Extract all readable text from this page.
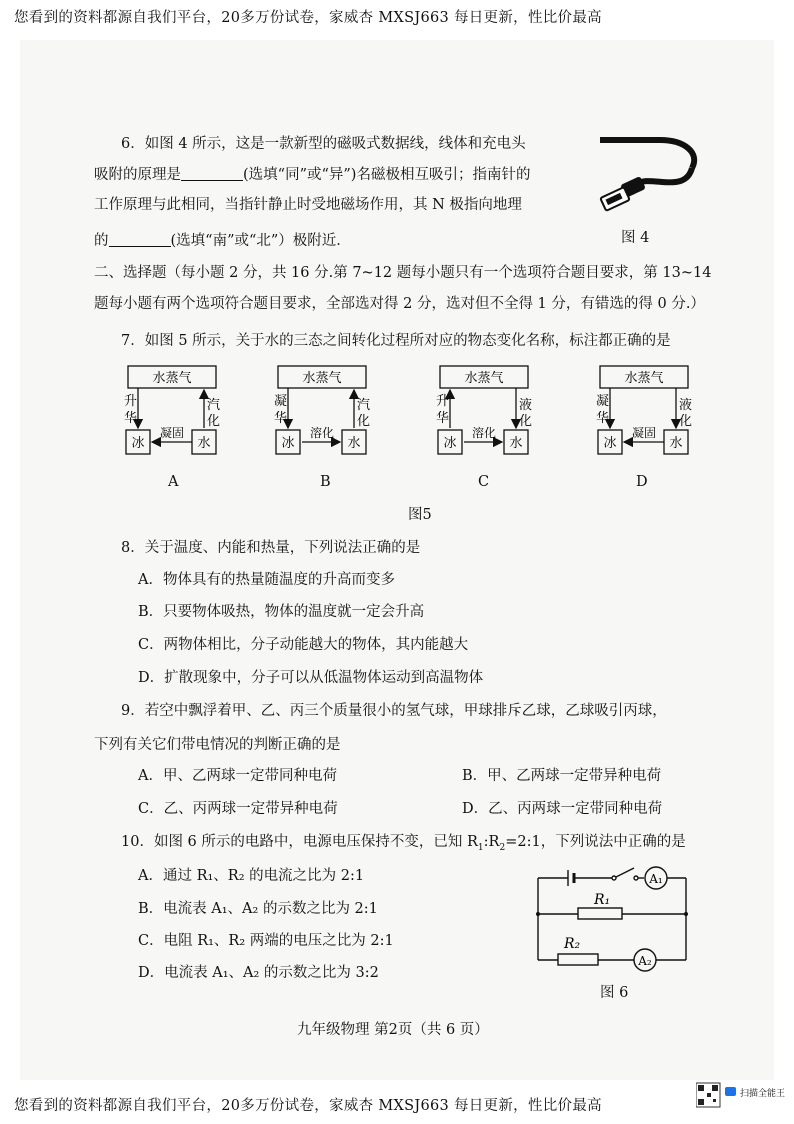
您看到的资料都源自我们平台，20多万份试卷，家威杏 MXSJ663 每日更新，性比价最高
6．如图 4 所示，这是一款新型的磁吸式数据线，线体和充电头
吸附的原理是	(选填“同”或“异”)名磁极相互吸引；指南针的
工作原理与此相同，当指针静止时受地磁场作用，其 N 极指向地理
的	(选填“南”或“北”）极附近．	图 4
二、选择题（每小题 2 分，共 16 分.第 7~12 题每小题只有一个选项符合题目要求，第 13~14
题每小题有两个选项符合题目要求，全部选对得 2 分，选对但不全得 1 分，有错选的得 0 分.）
7．如图 5 所示，关于水的三态之间转化过程所对应的物态变化名称，标注都正确的是
水蒸气
冰	水
升
华
汽
化
凝固
A
水蒸气
冰	水
凝
华
汽
化
溶化
B
水蒸气
冰	水
升
华
液
化
溶化
C
水蒸气
冰	水
凝
华
液
化
凝固
D
图5
8．关于温度、内能和热量，下列说法正确的是
A．物体具有的热量随温度的升高而变多
B．只要物体吸热，物体的温度就一定会升高
C．两物体相比，分子动能越大的物体，其内能越大
D．扩散现象中，分子可以从低温物体运动到高温物体
9．若空中飘浮着甲、乙、丙三个质量很小的氢气球，甲球排斥乙球，乙球吸引丙球，
下列有关它们带电情况的判断正确的是
A．甲、乙两球一定带同种电荷	B．甲、乙两球一定带异种电荷
C．乙、丙两球一定带异种电荷	D．乙、丙两球一定带同种电荷
10．如图 6 所示的电路中，电源电压保持不变，已知 $R_1:R_2=2:1$，下列说法中正确的是
A．通过 R₁、R₂ 的电流之比为 2:1
B．电流表 A₁、A₂ 的示数之比为 2:1
C．电阻 R₁、R₂ 两端的电压之比为 2:1
D．电流表 A₁、A₂ 的示数之比为 3:2
A₁
A₂
R₁
R₂
图 6
九年级物理 第2页（共 6 页）
扫描全能王
您看到的资料都源自我们平台，20多万份试卷，家威杏 MXSJ663 每日更新，性比价最高
